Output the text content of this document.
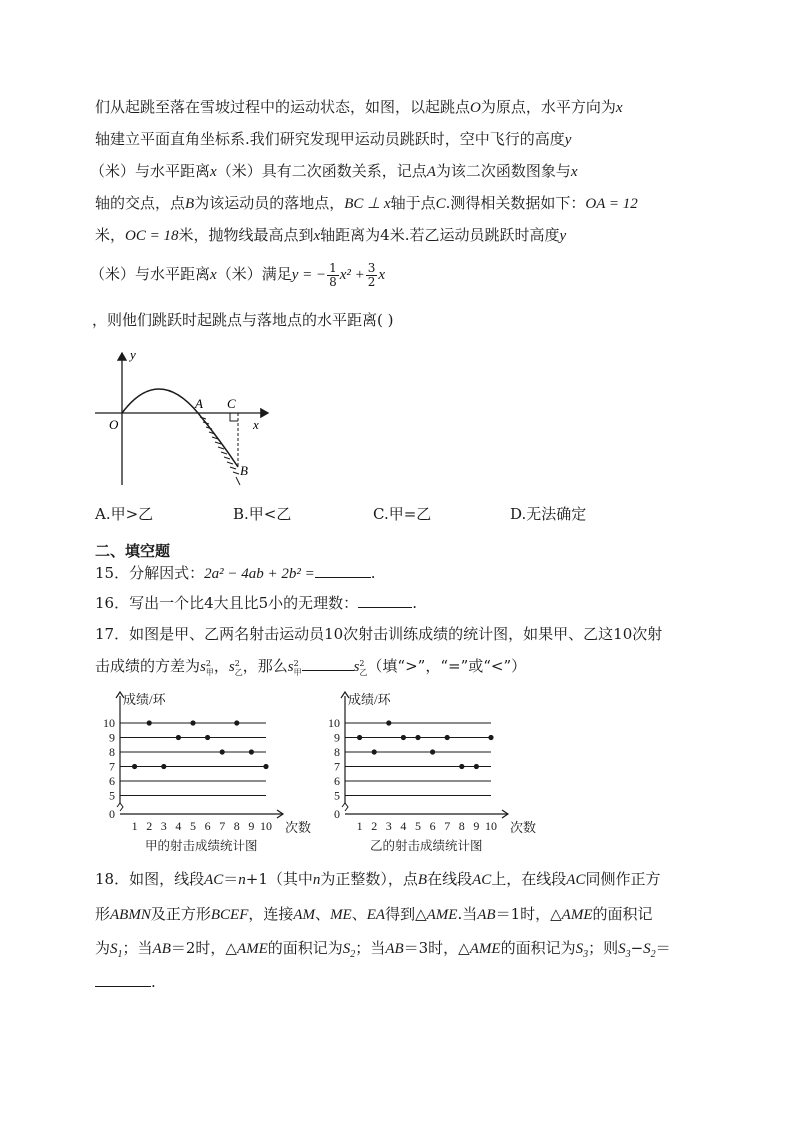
们从起跳至落在雪坡过程中的运动状态，如图，以起跳点O为原点，水平方向为x
轴建立平面直角坐标系.我们研究发现甲运动员跳跃时，空中飞行的高度y
（米）与水平距离x（米）具有二次函数关系，记点A为该二次函数图象与x
轴的交点，点B为该运动员的落地点，BC ⊥ x轴于点C.测得相关数据如下：OA = 12
米，OC = 18米，抛物线最高点到x轴距离为4米.若乙运动员跳跃时高度y
（米）与水平距离x（米）满足y = − $\frac{1}{8} x^2 + \frac{3}{2}$ x
，则他们跳跃时起跳点与落地点的水平距离( )
y
O
A C
x
B
A.甲>乙	B.甲<乙	C.甲=乙	D.无法确定
二、填空题
15．分解因式：2a² − 4ab + 2b² =	.
16．写出一个比4大且比5小的无理数：	.
17．如图是甲、乙两名射击运动员10次射击训练成绩的统计图，如果甲、乙这10次射
击成绩的方差为s 2
甲 ，s 2
乙 ，那么s 2
甲	s 2
乙 （填“>”，“=”或“<”）
0
5
6
7
8
9
10
1 2 3 4 5 6 7 8 9 10
成绩/环
次数
甲的射击成绩统计图
0
5
6
7
8
9
10
1 2 3 4 5 6 7 8 9 10
成绩/环
次数
乙的射击成绩统计图
18．如图，线段AC＝n+1（其中n为正整数），点B在线段AC上，在线段AC同侧作正方
形ABMN及正方形BCEF，连接AM、ME、EA得到△AME.当AB＝1时，△AME的面积记
为$S_1$；当AB＝2时，△AME的面积记为$S_2$；当AB＝3时，△AME的面积记为$S_3$；则$S_3-S_2=$
.
